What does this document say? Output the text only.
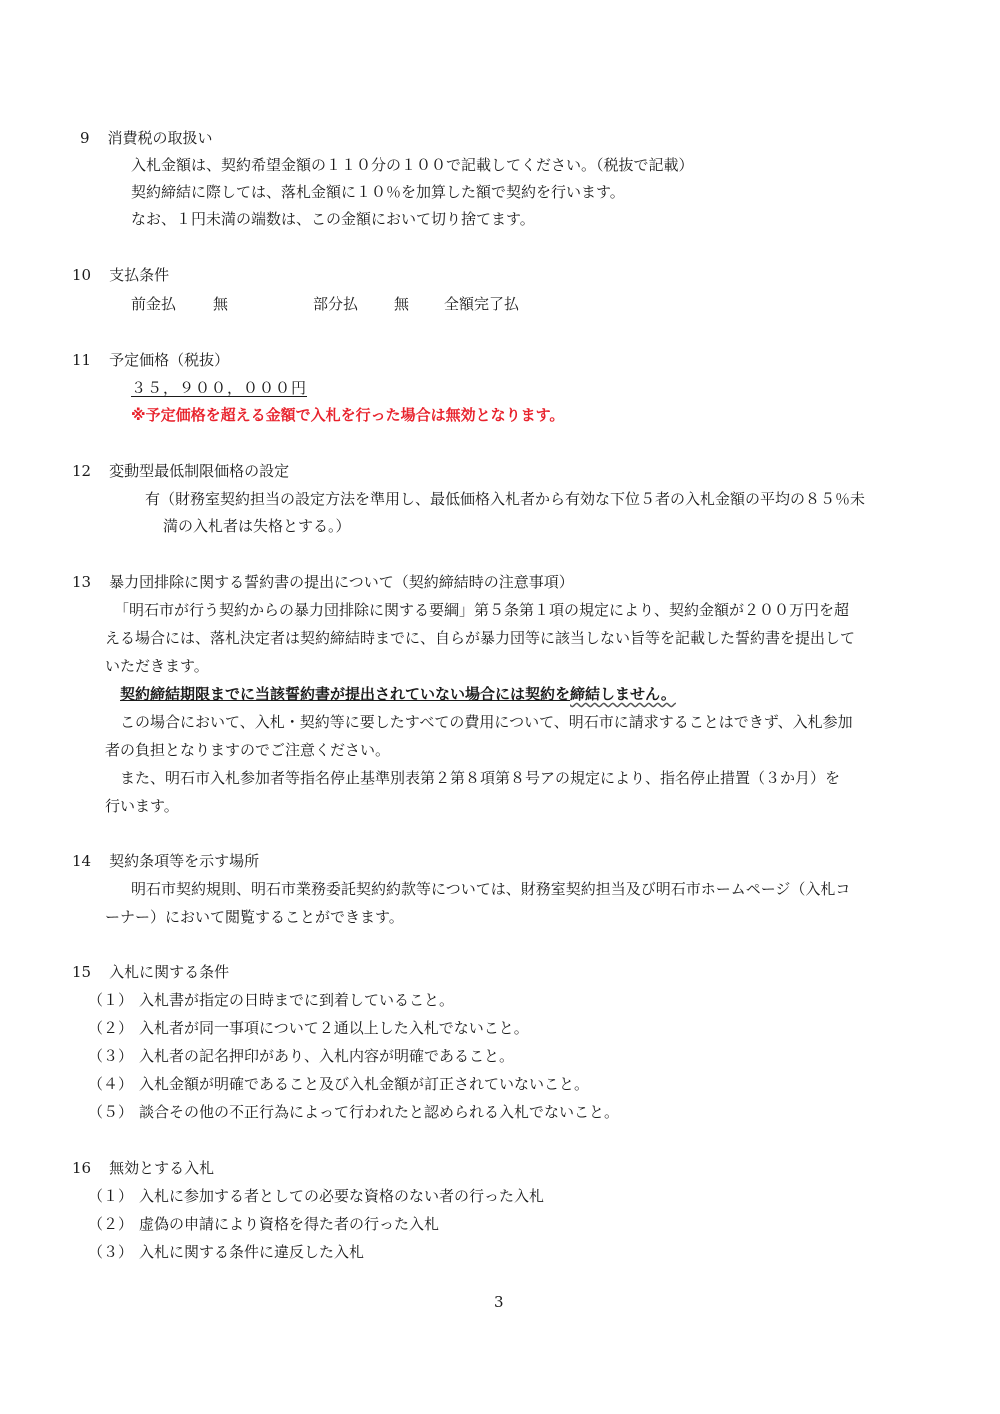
9 消費税の取扱い
入札金額は、契約希望金額の１１０分の１００で記載してください。（税抜で記載）
契約締結に際しては、落札金額に１０％を加算した額で契約を行います。
なお、１円未満の端数は、この金額において切り捨てます。
10 支払条件
前金払 無	部分払 無 全額完了払
11 予定価格（税抜）
３５，９００，０００円
※予定価格を超える金額で入札を行った場合は無効となります。
12 変動型最低制限価格の設定
有（財務室契約担当の設定方法を準用し、最低価格入札者から有効な下位５者の入札金額の平均の８５％未
満の入札者は失格とする。）
13 暴力団排除に関する誓約書の提出について（契約締結時の注意事項）
「明石市が行う契約からの暴力団排除に関する要綱」第５条第１項の規定により、契約金額が２００万円を超
える場合には、落札決定者は契約締結時までに、自らが暴力団等に該当しない旨等を記載した誓約書を提出して
いただきます。
契約締結期限までに当該誓約書が提出されていない場合には契約を締結しません。
この場合において、入札・契約等に要したすべての費用について、明石市に請求することはできず、入札参加
者の負担となりますのでご注意ください。
また、明石市入札参加者等指名停止基準別表第２第８項第８号アの規定により、指名停止措置（３か月）を
行います。
14 契約条項等を示す場所
明石市契約規則、明石市業務委託契約約款等については、財務室契約担当及び明石市ホームページ（入札コ
ーナー）において閲覧することができます。
15 入札に関する条件
（１） 入札書が指定の日時までに到着していること。
（２） 入札者が同一事項について２通以上した入札でないこと。
（３） 入札者の記名押印があり、入札内容が明確であること。
（４） 入札金額が明確であること及び入札金額が訂正されていないこと。
（５） 談合その他の不正行為によって行われたと認められる入札でないこと。
16 無効とする入札
（１） 入札に参加する者としての必要な資格のない者の行った入札
（２） 虚偽の申請により資格を得た者の行った入札
（３） 入札に関する条件に違反した入札
3
